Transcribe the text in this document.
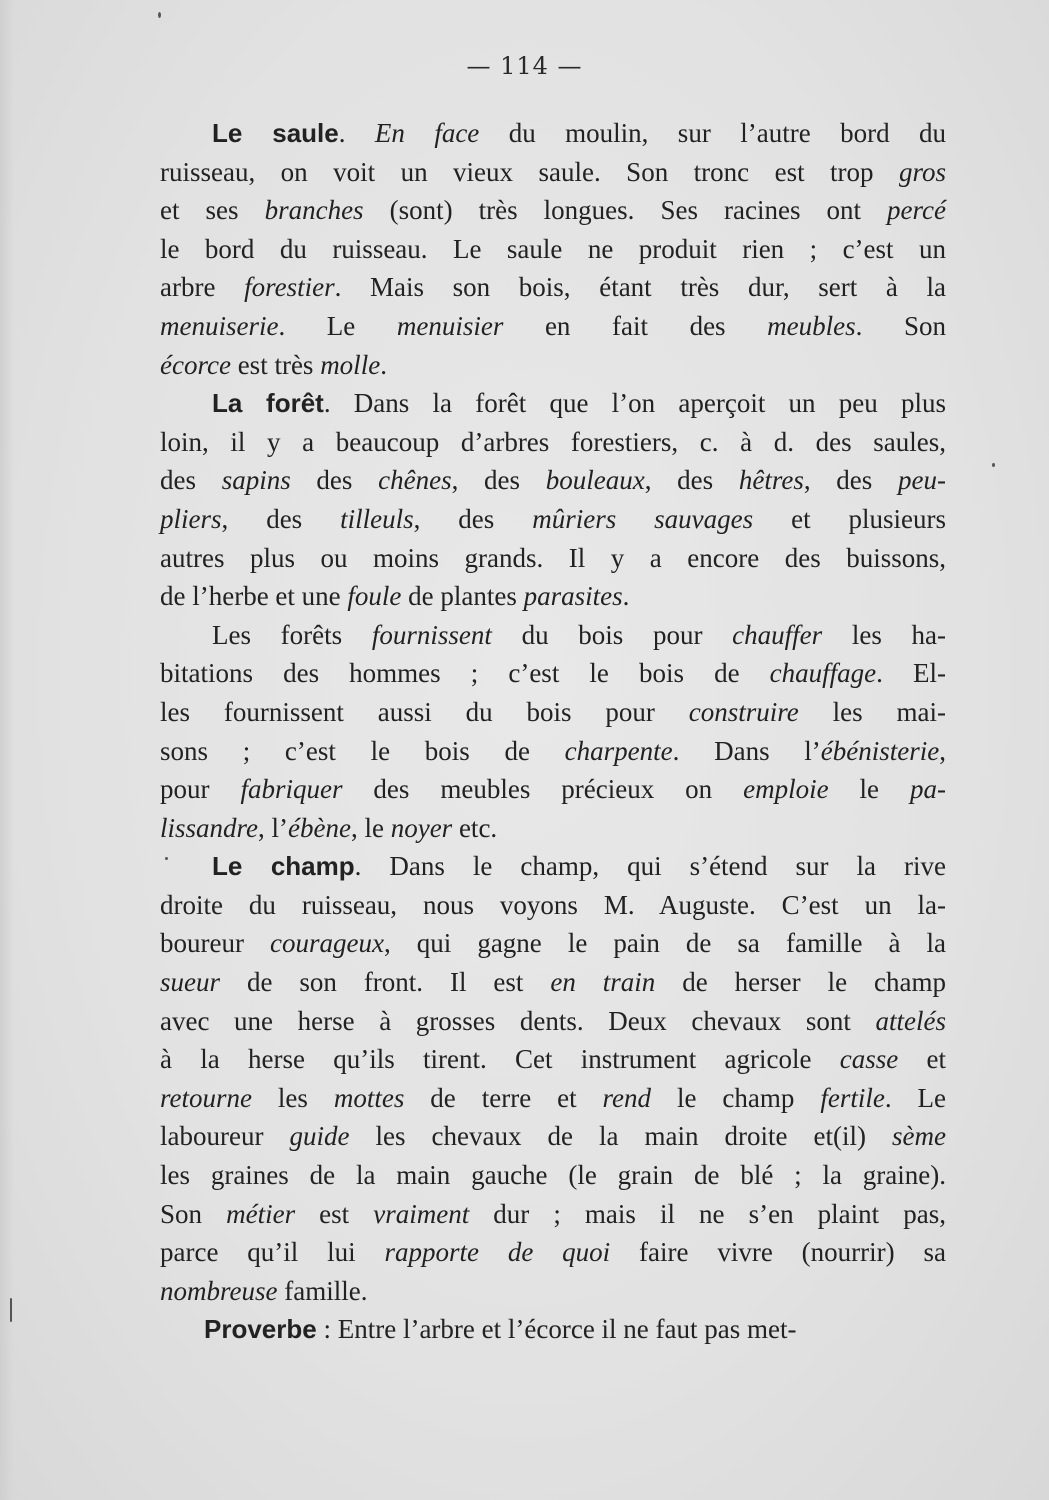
— 114 —
Le saule. En face du moulin, sur l’autre bord du
ruisseau, on voit un vieux saule. Son tronc est trop gros
et ses branches (sont) très longues. Ses racines ont percé
le bord du ruisseau. Le saule ne produit rien ; c’est un
arbre forestier. Mais son bois, étant très dur, sert à la
menuiserie. Le menuisier en fait des meubles. Son
écorce est très molle.
La forêt. Dans la forêt que l’on aperçoit un peu plus
loin, il y a beaucoup d’arbres forestiers, c. à d. des saules,
des sapins des chênes, des bouleaux, des hêtres, des peu-
pliers, des tilleuls, des mûriers sauvages et plusieurs
autres plus ou moins grands. Il y a encore des buissons,
de l’herbe et une foule de plantes parasites.
Les forêts fournissent du bois pour chauffer les ha-
bitations des hommes ; c’est le bois de chauffage. El-
les fournissent aussi du bois pour construire les mai-
sons ; c’est le bois de charpente. Dans l’ébénisterie,
pour fabriquer des meubles précieux on emploie le pa-
lissandre, l’ébène, le noyer etc.
Le champ. Dans le champ, qui s’étend sur la rive
droite du ruisseau, nous voyons M. Auguste. C’est un la-
boureur courageux, qui gagne le pain de sa famille à la
sueur de son front. Il est en train de herser le champ
avec une herse à grosses dents. Deux chevaux sont attelés
à la herse qu’ils tirent. Cet instrument agricole casse et
retourne les mottes de terre et rend le champ fertile. Le
laboureur guide les chevaux de la main droite et(il) sème
les graines de la main gauche (le grain de blé ; la graine).
Son métier est vraiment dur ; mais il ne s’en plaint pas,
parce qu’il lui rapporte de quoi faire vivre (nourrir) sa
nombreuse famille.
Proverbe : Entre l’arbre et l’écorce il ne faut pas met-
